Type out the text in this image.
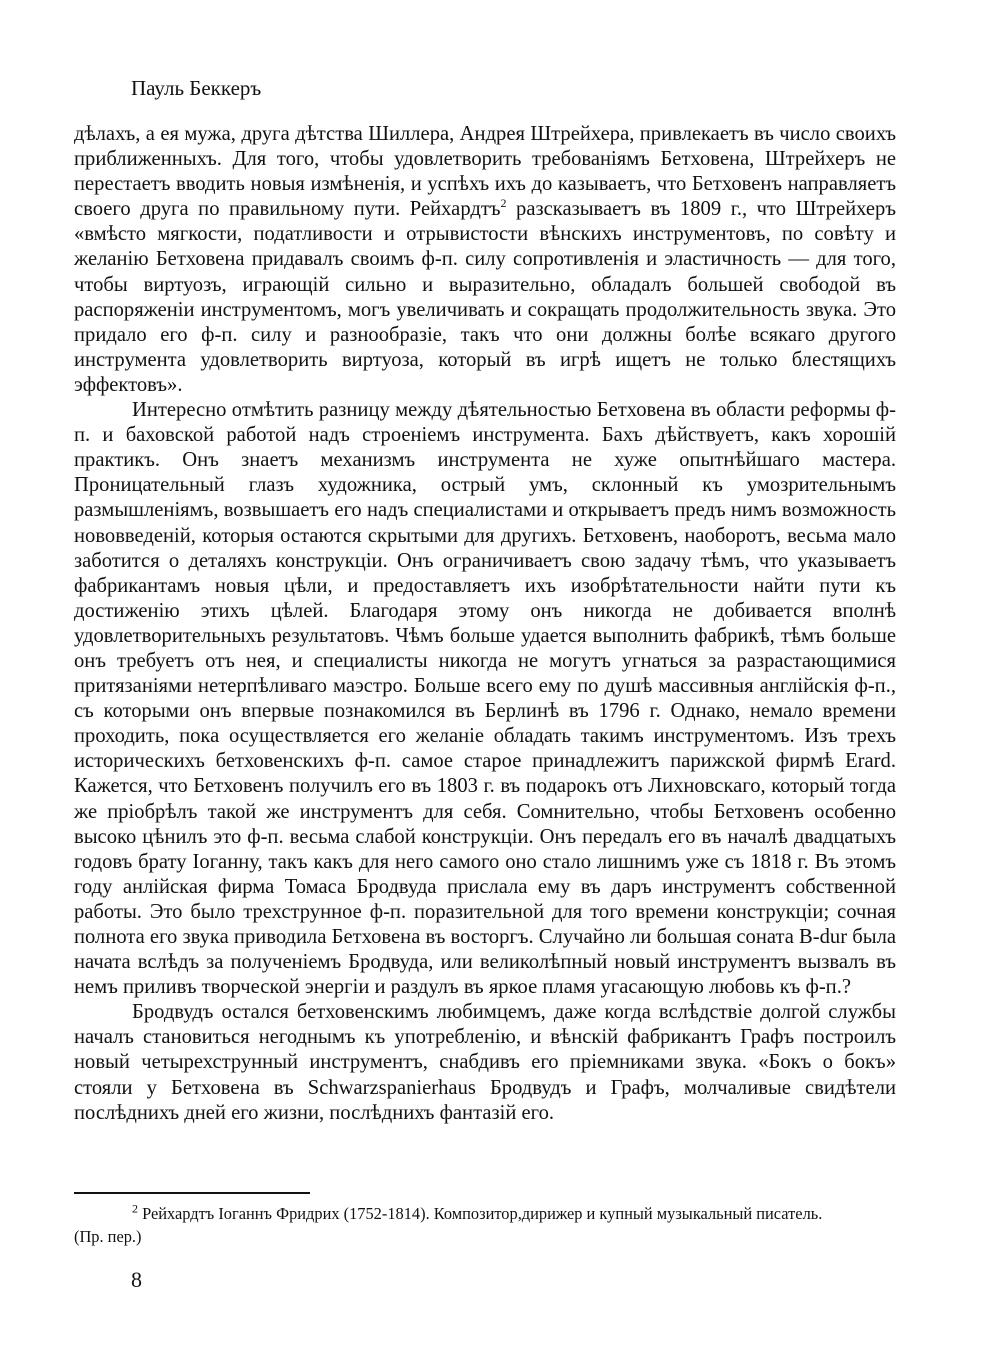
Пауль Беккеръ

дѣлахъ, а ея мужа, друга дѣтства Шиллера, Андрея Штрейхера, привлекаетъ въ число своихъ приближенныхъ. Для того, чтобы удовлетворить требованіямъ Бетховена, Штрейхеръ не перестаетъ вводить новыя измѣненія, и успѣхъ ихъ до казываетъ, что Бетховенъ направляетъ своего друга по правильному пути. Рейхардтъ$^2$ разсказываетъ въ 1809 г., что Штрейхеръ «вмѣсто мягкости, податливости и отрывистости вѣнскихъ инструментовъ, по совѣту и желанію Бетховена придавалъ своимъ ф-п. силу сопротивленія и эластичность — для того, чтобы виртуозъ, играющій сильно и выразительно, обладалъ большей свободой въ распоряженіи инструментомъ, могъ увеличивать и сокращать продолжительность звука. Это придало его ф-п. силу и разнообразіе, такъ что они должны болѣе всякаго другого инструмента удовлетворить виртуоза, который въ игрѣ ищетъ не только блестящихъ эффектовъ».

Интересно отмѣтить разницу между дѣятельностью Бетховена въ области реформы ф-п. и баховской работой надъ строеніемъ инструмента. Бахъ дѣйствуетъ, какъ хорошій практикъ. Онъ знаетъ механизмъ инструмента не хуже опытнѣйшаго мастера. Проницательный глазъ художника, острый умъ, склонный къ умозрительнымъ размышленіямъ, возвышаетъ его надъ специалистами и открываетъ предъ нимъ возможность нововведеній, которыя остаются скрытыми для другихъ. Бетховенъ, наоборотъ, весьма мало заботится о деталяхъ конструкціи. Онъ ограничиваетъ свою задачу тѣмъ, что указываетъ фабрикантамъ новыя цѣли, и предоставляетъ ихъ изобрѣтательности найти пути къ достиженію этихъ цѣлей. Благодаря этому онъ никогда не добивается вполнѣ удовлетворительныхъ результатовъ. Чѣмъ больше удается выполнить фабрикѣ, тѣмъ больше онъ требуетъ отъ нея, и специалисты никогда не могутъ угнаться за разрастающимися притязаніями нетерпѣливаго маэстро. Больше всего ему по душѣ массивныя англійскія ф-п., съ которыми онъ впервые познакомился въ Берлинѣ въ 1796 г. Однако, немало времени проходить, пока осуществляется его желаніе обладать такимъ инструментомъ. Изъ трехъ историческихъ бетховенскихъ ф-п. самое старое принадлежитъ парижской фирмѣ Erard. Кажется, что Бетховенъ получилъ его въ 1803 г. въ подарокъ отъ Лихновскаго, который тогда же пріобрѣлъ такой же инструментъ для себя. Сомнительно, чтобы Бетховенъ особенно высоко цѣнилъ это ф-п. весьма слабой конструкціи. Онъ передалъ его въ началѣ двадцатыхъ годовъ брату Іоганну, такъ какъ для него самого оно стало лишнимъ уже съ 1818 г. Въ этомъ году анлійская фирма Томаса Бродвуда прислала ему въ даръ инструментъ собственной работы. Это было трехструнное ф-п. поразительной для того времени конструкціи; сочная полнота его звука приводила Бетховена въ восторгъ. Случайно ли большая соната B-dur была начата вслѣдъ за полученіемъ Бродвуда, или великолѣпный новый инструментъ вызвалъ въ немъ приливъ творческой энергіи и раздулъ въ яркое пламя угасающую любовь къ ф-п.?

Бродвудъ остался бетховенскимъ любимцемъ, даже когда вслѣдствіе долгой службы началъ становиться негоднымъ къ употребленію, и вѣнскій фабрикантъ Графъ построилъ новый четырехструнный инструментъ, снабдивъ его пріемниками звука. «Бокъ о бокъ» стояли у Бетховена въ Schwarzspanierhaus Бродвудъ и Графъ, молчаливые свидѣтели послѣднихъ дней его жизни, послѣднихъ фантазій его.

$^2$ Рейхардтъ Іоганнъ Фридрих (1752-1814). Композитор,дирижер и купный музыкальный писатель.
(Пр. пер.)
8
